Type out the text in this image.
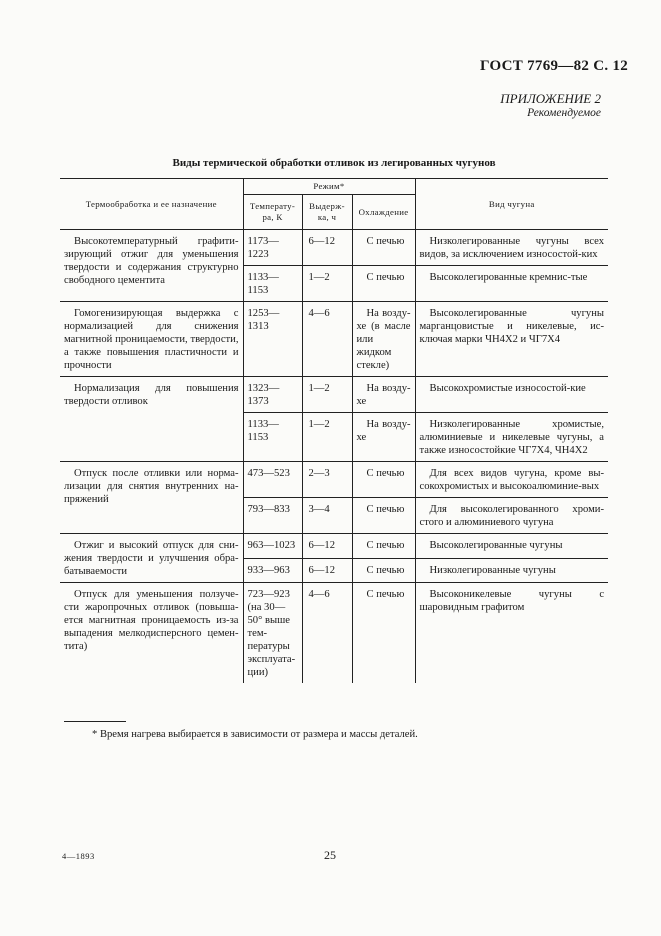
ГОСТ 7769—82 С. 12
ПРИЛОЖЕНИЕ 2
Рекомендуемое
Виды термической обработки отливок из легированных чугунов
Термообработка и ее назначение	Режим*			Вид чугуна
	Температу-ра, К	Выдерж-ка, ч	Охлаждение	
Высокотемпературный графити-зирующий отжиг для уменьшения твердости и содержания структурно свободного цементита	1173—1223	6—12	С печью	Низколегированные чугуны всех видов, за исключением износостой-ких
	1133—1153	1—2	С печью	Высоколегированные кремнис-тые
Гомогенизирующая выдержка с нормализацией для снижения магнитной проницаемости, твердости, а также повышения пластичности и прочности	1253—1313	4—6	На возду-хе (в масле или жидком стекле)	Высоколегированные чугуны марганцовистые и никелевые, ис-ключая марки ЧН4Х2 и ЧГ7Х4
Нормализация для повышения твердости отливок	1323—1373	1—2	На возду-хе	Высокохромистые износостой-кие
	1133—1153	1—2	На возду-хе	Низколегированные хромистые, алюминиевые и никелевые чугуны, а также износостойкие ЧГ7Х4, ЧН4Х2
Отпуск после отливки или норма-лизации для снятия внутренних на-пряжений	473—523	2—3	С печью	Для всех видов чугуна, кроме вы-сокохромистых и высокоалюминие-вых
	793—833	3—4	С печью	Для высоколегированного хроми-стого и алюминиевого чугуна
Отжиг и высокий отпуск для сни-жения твердости и улучшения обра-батываемости	963—1023	6—12	С печью	Высоколегированные чугуны
	933—963	6—12	С печью	Низколегированные чугуны
Отпуск для уменьшения ползуче-сти жаропрочных отливок (повыша-ется магнитная проницаемость из-за выпадения мелкодисперсного цемен-тита)	723—923 (на 30—50° выше тем-пературы эксплуата-ции)	4—6	С печью	Высоконикелевые чугуны с шаровидным графитом
* Время нагрева выбирается в зависимости от размера и массы деталей.
4—1893	25
